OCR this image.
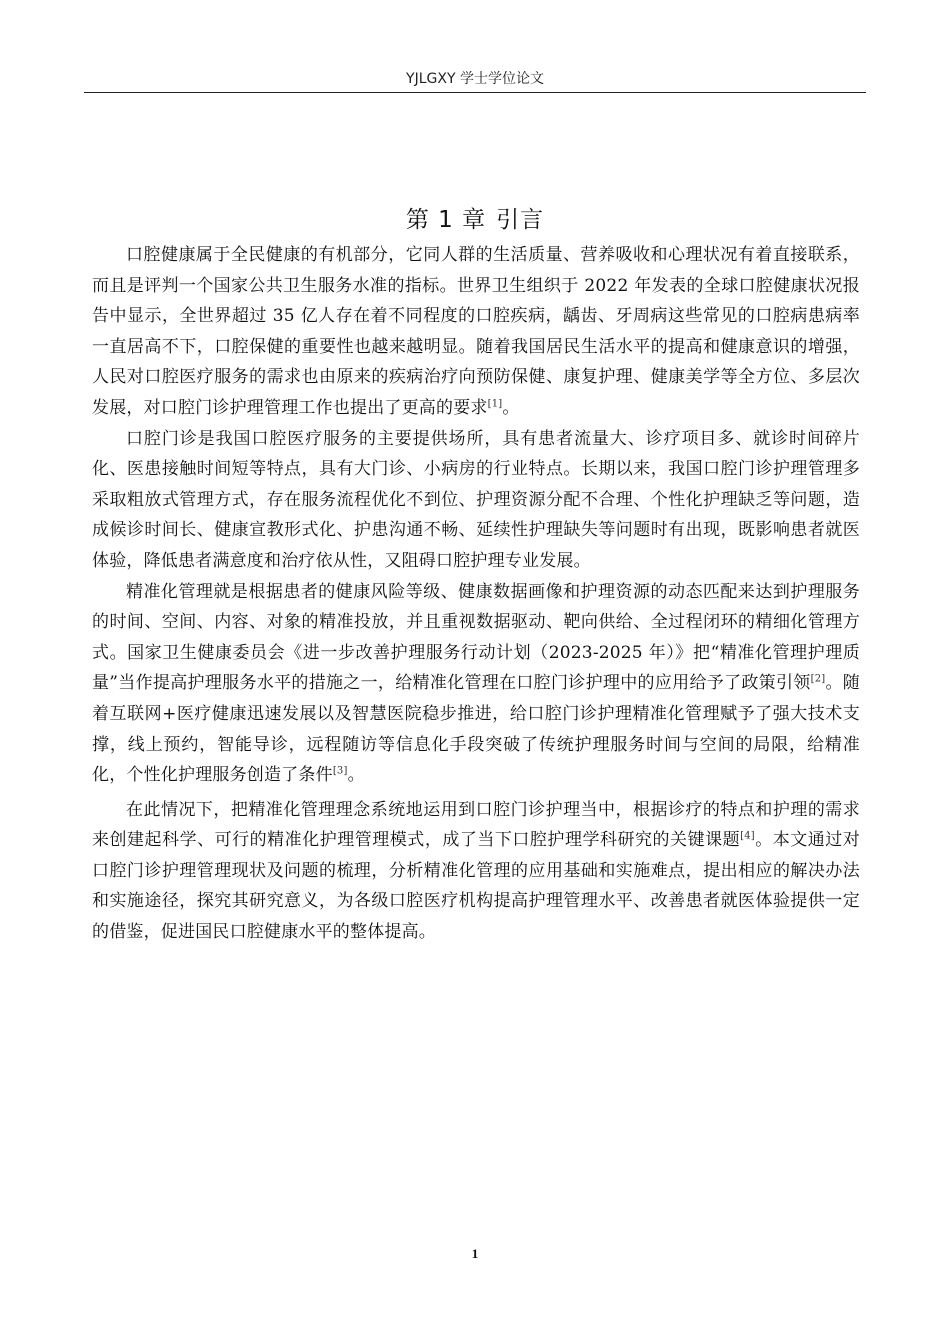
YJLGXY 学士学位论文
第 1 章 引言

口腔健康属于全民健康的有机部分，它同人群的生活质量、营养吸收和心理状况有着直接联系，而且是评判一个国家公共卫生服务水准的指标。世界卫生组织于 2022 年发表的全球口腔健康状况报告中显示，全世界超过 35 亿人存在着不同程度的口腔疾病，龋齿、牙周病这些常见的口腔病患病率一直居高不下，口腔保健的重要性也越来越明显。随着我国居民生活水平的提高和健康意识的增强，人民对口腔医疗服务的需求也由原来的疾病治疗向预防保健、康复护理、健康美学等全方位、多层次发展，对口腔门诊护理管理工作也提出了更高的要求[1]。

口腔门诊是我国口腔医疗服务的主要提供场所，具有患者流量大、诊疗项目多、就诊时间碎片化、医患接触时间短等特点，具有大门诊、小病房的行业特点。长期以来，我国口腔门诊护理管理多采取粗放式管理方式，存在服务流程优化不到位、护理资源分配不合理、个性化护理缺乏等问题，造成候诊时间长、健康宣教形式化、护患沟通不畅、延续性护理缺失等问题时有出现，既影响患者就医体验，降低患者满意度和治疗依从性，又阻碍口腔护理专业发展。

精准化管理就是根据患者的健康风险等级、健康数据画像和护理资源的动态匹配来达到护理服务的时间、空间、内容、对象的精准投放，并且重视数据驱动、靶向供给、全过程闭环的精细化管理方式。国家卫生健康委员会《进一步改善护理服务行动计划（2023-2025 年）》把“精准化管理护理质量”当作提高护理服务水平的措施之一，给精准化管理在口腔门诊护理中的应用给予了政策引领[2]。随着互联网+医疗健康迅速发展以及智慧医院稳步推进，给口腔门诊护理精准化管理赋予了强大技术支撑，线上预约，智能导诊，远程随访等信息化手段突破了传统护理服务时间与空间的局限，给精准化，个性化护理服务创造了条件[3]。

在此情况下，把精准化管理理念系统地运用到口腔门诊护理当中，根据诊疗的特点和护理的需求来创建起科学、可行的精准化护理管理模式，成了当下口腔护理学科研究的关键课题[4]。本文通过对口腔门诊护理管理现状及问题的梳理，分析精准化管理的应用基础和实施难点，提出相应的解决办法和实施途径，探究其研究意义，为各级口腔医疗机构提高护理管理水平、改善患者就医体验提供一定的借鉴，促进国民口腔健康水平的整体提高。

1
